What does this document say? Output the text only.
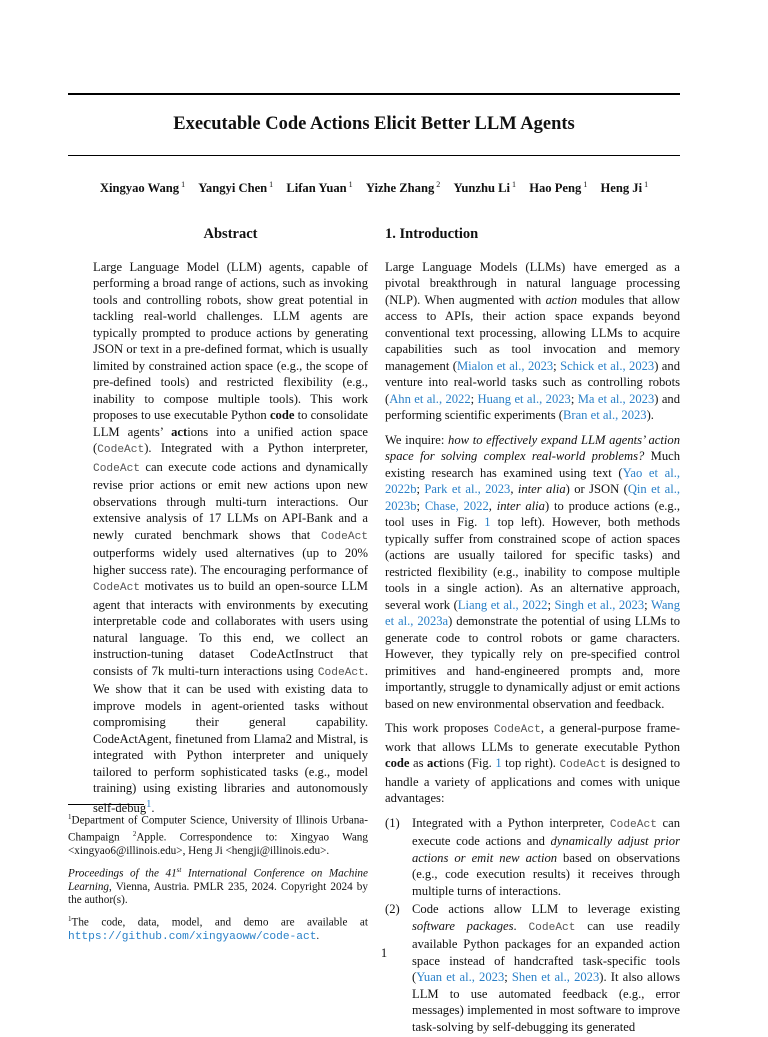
Executable Code Actions Elicit Better LLM Agents
Xingyao Wang $^1$ Yangyi Chen $^1$ Lifan Yuan $^1$ Yizhe Zhang $^2$ Yunzhu Li $^1$ Hao Peng $^1$ Heng Ji $^1$
Abstract

Large Language Model (LLM) agents, capable of performing a broad range of actions, such as invoking tools and controlling robots, show great potential in tackling real-world challenges. LLM agents are typically prompted to produce actions by generating JSON or text in a pre-defined format, which is usually limited by constrained action space (e.g., the scope of pre-defined tools) and restricted flexibility (e.g., inability to compose multiple tools). This work proposes to use executable Python code to consolidate LLM agents’ actions into a unified action space (CodeAct). Integrated with a Python interpreter, CodeAct can execute code actions and dynamically revise prior actions or emit new actions upon new observations through multi-turn interactions. Our extensive analysis of 17 LLMs on API-Bank and a newly curated benchmark shows that CodeAct outperforms widely used alternatives (up to 20% higher success rate). The encouraging performance of CodeAct motivates us to build an open-source LLM agent that interacts with environments by executing interpretable code and collaborates with users using natural language. To this end, we collect an instruction-tuning dataset CodeActInstruct that consists of 7k multi-turn interactions using CodeAct. We show that it can be used with existing data to improve models in agent-oriented tasks without compromising their general capability. CodeActAgent, finetuned from Llama2 and Mistral, is integrated with Python interpreter and uniquely tailored to perform sophisticated tasks (e.g., model training) using existing libraries and autonomously self-debug$^1$.

$^1$Department of Computer Science, University of Illinois Urbana-Champaign $^2$Apple. Correspondence to: Xingyao Wang <xingyao6@illinois.edu>, Heng Ji <hengji@illinois.edu>.

Proceedings of the 41st International Conference on Machine Learning, Vienna, Austria. PMLR 235, 2024. Copyright 2024 by the author(s).

$^1$The code, data, model, and demo are available at https://github.com/xingyaoww/code-act.

1. Introduction

Large Language Models (LLMs) have emerged as a pivotal breakthrough in natural language processing (NLP). When augmented with action modules that allow access to APIs, their action space expands beyond conventional text processing, allowing LLMs to acquire capabilities such as tool invocation and memory management (Mialon et al., 2023; Schick et al., 2023) and venture into real-world tasks such as controlling robots (Ahn et al., 2022; Huang et al., 2023; Ma et al., 2023) and performing scientific experiments (Bran et al., 2023).

We inquire: how to effectively expand LLM agents’ action space for solving complex real-world problems? Much existing research has examined using text (Yao et al., 2022b; Park et al., 2023, inter alia) or JSON (Qin et al., 2023b; Chase, 2022, inter alia) to produce actions (e.g., tool uses in Fig. 1 top left). However, both methods typically suffer from constrained scope of action spaces (actions are usually tailored for specific tasks) and restricted flexibility (e.g., inability to compose multiple tools in a single action). As an alternative approach, several work (Liang et al., 2022; Singh et al., 2023; Wang et al., 2023a) demonstrate the potential of using LLMs to generate code to control robots or game characters. However, they typically rely on pre-specified control primitives and hand-engineered prompts and, more importantly, struggle to dynamically adjust or emit actions based on new environmental observation and feedback.

This work proposes CodeAct, a general-purpose framework that allows LLMs to generate executable Python code as actions (Fig. 1 top right). CodeAct is designed to handle a variety of applications and comes with unique advantages:

(1) Integrated with a Python interpreter, CodeAct can execute code actions and dynamically adjust prior actions or emit new action based on observations (e.g., code execution results) it receives through multiple turns of interactions.
(2) Code actions allow LLM to leverage existing software packages. CodeAct can use readily available Python packages for an expanded action space instead of handcrafted task-specific tools (Yuan et al., 2023; Shen et al., 2023). It also allows LLM to use automated feedback (e.g., error messages) implemented in most software to improve task-solving by self-debugging its generated
1
